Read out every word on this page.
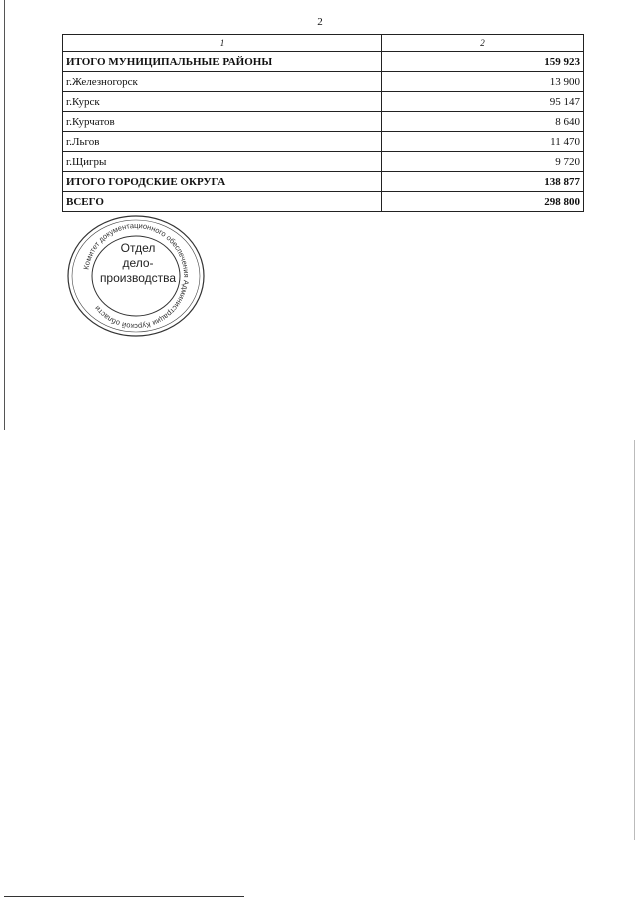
2
1	2
ИТОГО МУНИЦИПАЛЬНЫЕ РАЙОНЫ	159 923
г.Железногорск	13 900
г.Курск	95 147
г.Курчатов	8 640
г.Льгов	11 470
г.Щигры	9 720
ИТОГО ГОРОДСКИЕ ОКРУГА	138 877
ВСЕГО	298 800
Комитет документационного обеспечения Администрации Курской области
Отдел
дело-
производства
